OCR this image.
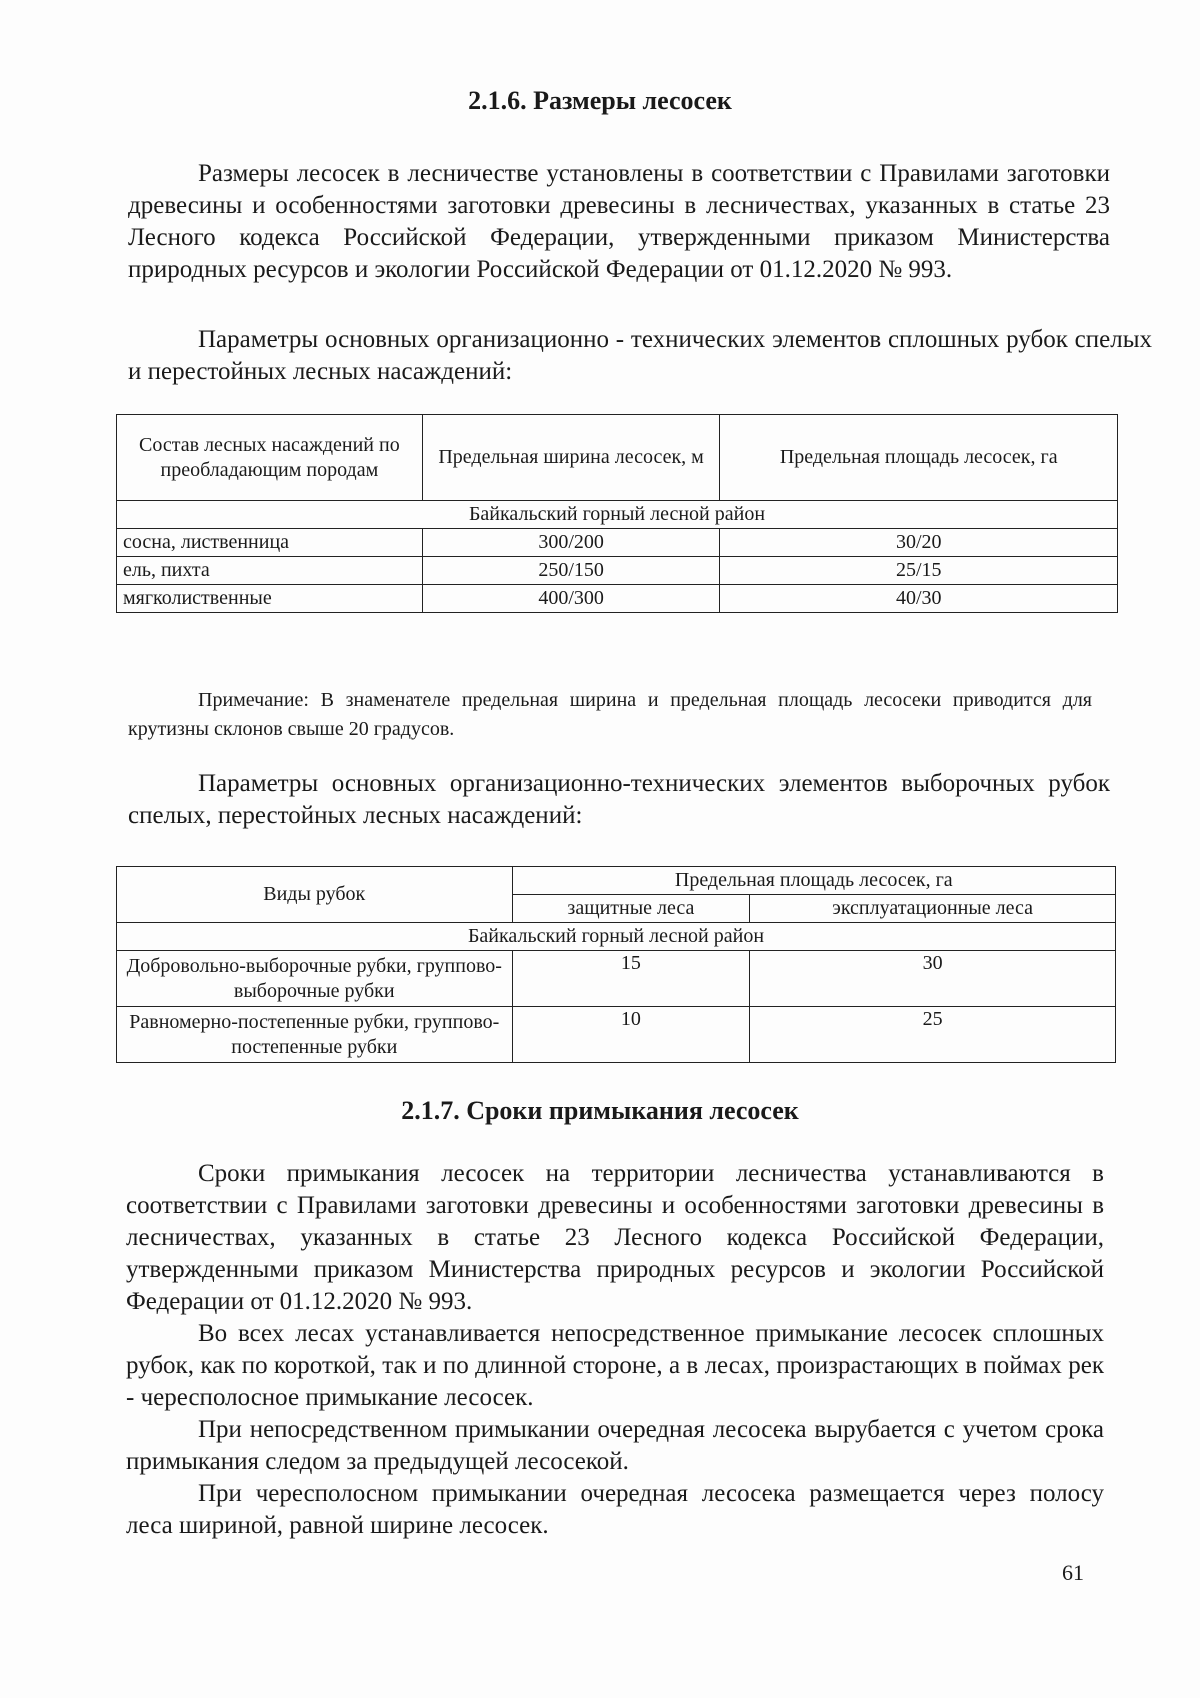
2.1.6. Размеры лесосек

Размеры лесосек в лесничестве установлены в соответствии с Правилами заготовки древесины и особенностями заготовки древесины в лесничествах, указанных в статье 23 Лесного кодекса Российской Федерации, утвержденными приказом Министерства природных ресурсов и экологии Российской Федерации от 01.12.2020 № 993.

Параметры основных организационно - технических элементов сплошных рубок спелых и перестойных лесных насаждений:

Состав лесных насаждений по преобладающим породам	Предельная ширина лесосек, м	Предельная площадь лесосек, га
Байкальский горный лесной район		
сосна, лиственница	300/200	30/20
ель, пихта	250/150	25/15
мягколиственные	400/300	40/30

Примечание: В знаменателе предельная ширина и предельная площадь лесосеки приводится для крутизны склонов свыше 20 градусов.

Параметры основных организационно-технических элементов выборочных рубок спелых, перестойных лесных насаждений:

Виды рубок	Предельная площадь лесосек, га	
	защитные леса	эксплуатационные леса
Байкальский горный лесной район		
Добровольно-выборочные рубки, группово-выборочные рубки	15	30
Равномерно-постепенные рубки, группово-постепенные рубки	10	25
2.1.7. Сроки примыкания лесосек

Сроки примыкания лесосек на территории лесничества устанавливаются в соответствии с Правилами заготовки древесины и особенностями заготовки древесины в лесничествах, указанных в статье 23 Лесного кодекса Российской Федерации, утвержденными приказом Министерства природных ресурсов и экологии Российской Федерации от 01.12.2020 № 993.

Во всех лесах устанавливается непосредственное примыкание лесосек сплошных рубок, как по короткой, так и по длинной стороне, а в лесах, произрастающих в поймах рек - чересполосное примыкание лесосек.

При непосредственном примыкании очередная лесосека вырубается с учетом срока примыкания следом за предыдущей лесосекой.

При чересполосном примыкании очередная лесосека размещается через полосу леса шириной, равной ширине лесосек.

61
